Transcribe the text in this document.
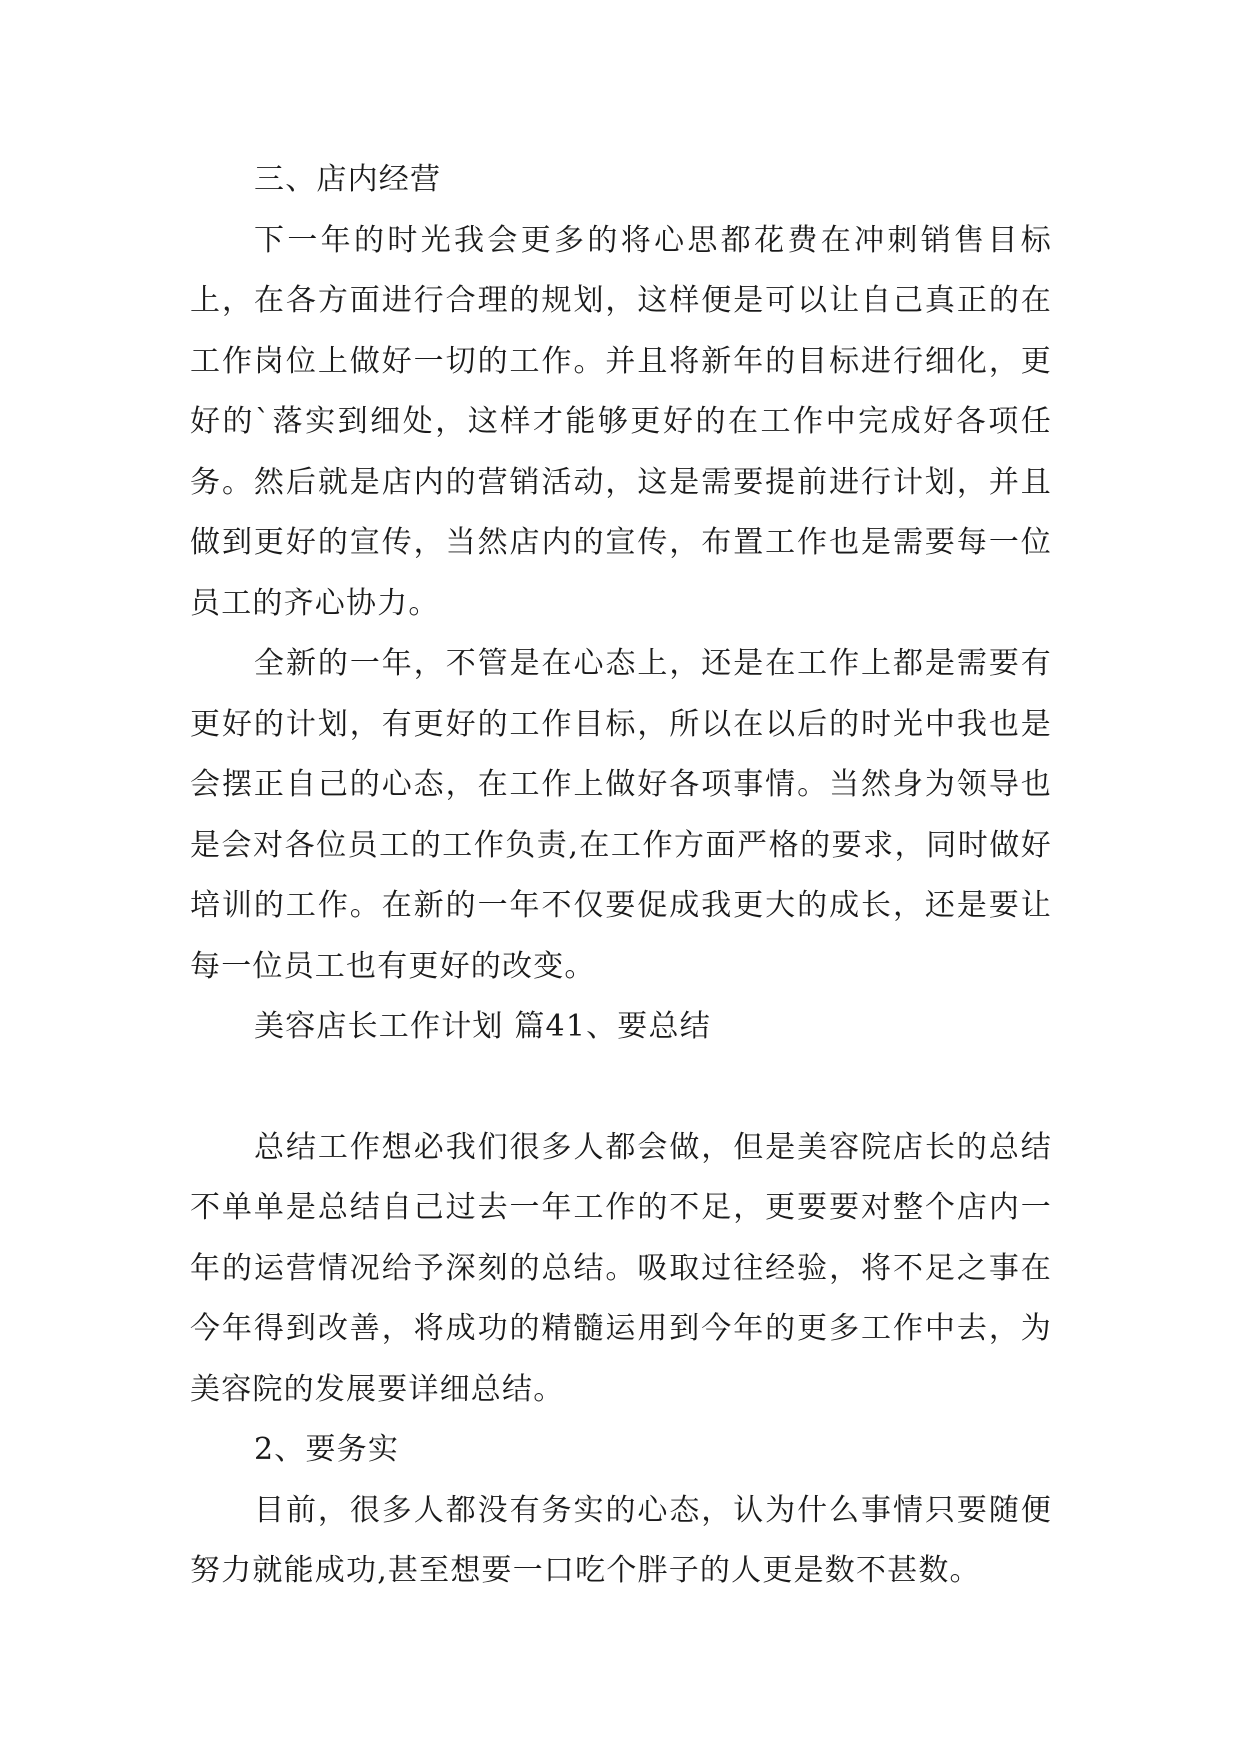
三、店内经营

下一年的时光我会更多的将心思都花费在冲刺销售目标上，在各方面进行合理的规划，这样便是可以让自己真正的在工作岗位上做好一切的工作。并且将新年的目标进行细化，更好的`落实到细处，这样才能够更好的在工作中完成好各项任务。然后就是店内的营销活动，这是需要提前进行计划，并且做到更好的宣传，当然店内的宣传，布置工作也是需要每一位员工的齐心协力。

全新的一年，不管是在心态上，还是在工作上都是需要有更好的计划，有更好的工作目标，所以在以后的时光中我也是会摆正自己的心态，在工作上做好各项事情。当然身为领导也是会对各位员工的工作负责,在工作方面严格的要求，同时做好培训的工作。在新的一年不仅要促成我更大的成长，还是要让每一位员工也有更好的改变。

美容店长工作计划 篇41、要总结

总结工作想必我们很多人都会做，但是美容院店长的总结不单单是总结自己过去一年工作的不足，更要要对整个店内一年的运营情况给予深刻的总结。吸取过往经验，将不足之事在今年得到改善，将成功的精髓运用到今年的更多工作中去，为美容院的发展要详细总结。

2、要务实

目前，很多人都没有务实的心态，认为什么事情只要随便努力就能成功,甚至想要一口吃个胖子的人更是数不甚数。
